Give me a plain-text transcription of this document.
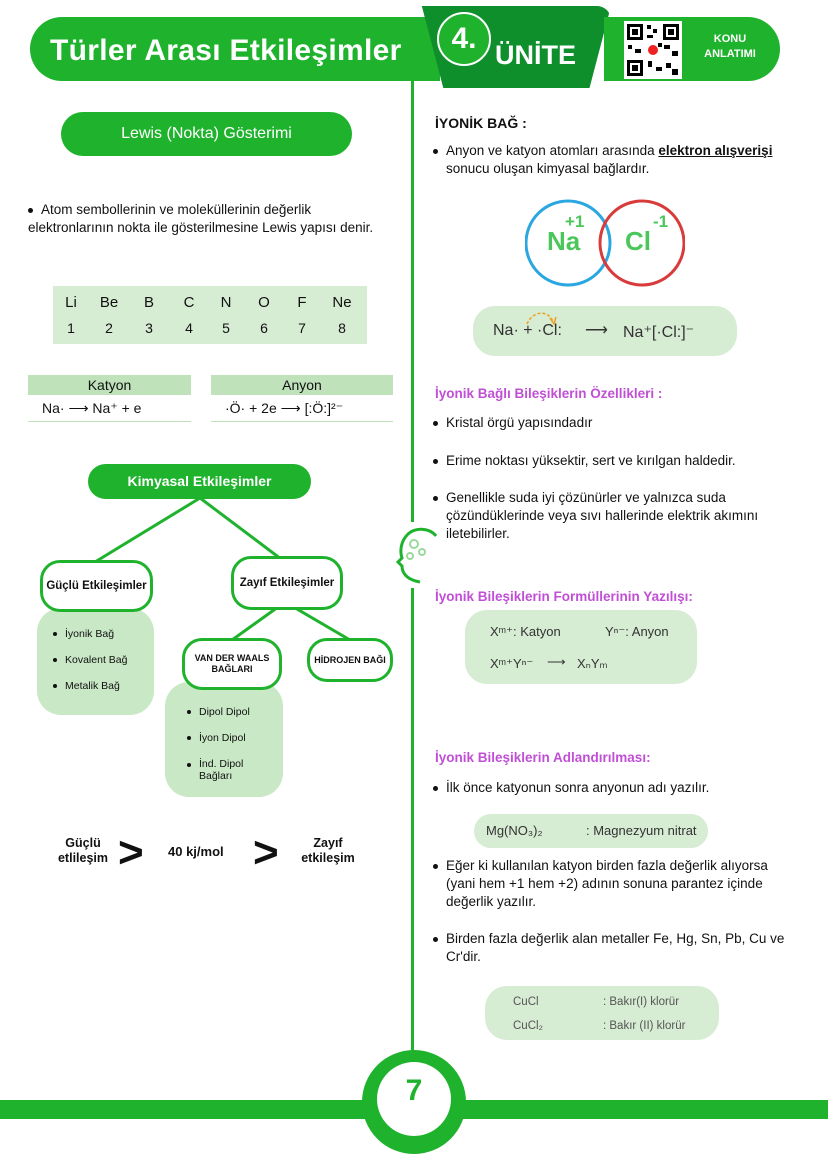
Türler Arası Etkileşimler	4. ÜNİTE
KONU
ANLATIMI
Lewis (Nokta) Gösterimi
Atom sembollerinin ve moleküllerinin değerlik elektronlarının nokta ile gösterilmesine Lewis yapısı denir.
Li	Be	B	C	N	O	F	Ne
1	2	3	4	5	6	7	8
Katyon
Na· ⟶ Na⁺ + e
Anyon
·Ö· + 2e ⟶ [:Ö:]²⁻
Kimyasal Etkileşimler
İyonik Bağ
Kovalent Bağ
Metalik Bağ
Güçlü Etkileşimler	Zayıf Etkileşimler
Dipol Dipol
İyon Dipol
İnd. Dipol Bağları
VAN DER WAALS BAĞLARI
HİDROJEN BAĞI
Güçlü etlileşim > 40 kj/mol >	Zayıf etkileşim
İYONİK BAĞ :
Anyon ve katyon atomları arasında elektron alışverişi sonucu oluşan kimyasal bağlardır.
Na
+1
Cl
-1
Na· + ·Cl: ⟶ Na⁺[·Cl:]⁻
İyonik Bağlı Bileşiklerin Özellikleri :
Kristal örgü yapısındadır
Erime noktası yüksektir, sert ve kırılgan haldedir.
Genellikle suda iyi çözünürler ve yalnızca suda çözündüklerinde veya sıvı hallerinde elektrik akımını iletebilirler.
İyonik Bileşiklerin Formüllerinin Yazılışı:
Xᵐ⁺: Katyon	Yⁿ⁻: Anyon
Xᵐ⁺Yⁿ⁻ ⟶ XₙYₘ
İyonik Bileşiklerin Adlandırılması:
İlk önce katyonun sonra anyonun adı yazılır.
Mg(NO₃)₂	: Magnezyum nitrat
Eğer ki kullanılan katyon birden fazla değerlik alıyorsa (yani hem +1 hem +2) adının sonuna parantez içinde değerlik yazılır.
Birden fazla değerlik alan metaller Fe, Hg, Sn, Pb, Cu ve Cr'dir.
CuCl	: Bakır(I) klorür
CuCl₂	: Bakır (II) klorür
7
